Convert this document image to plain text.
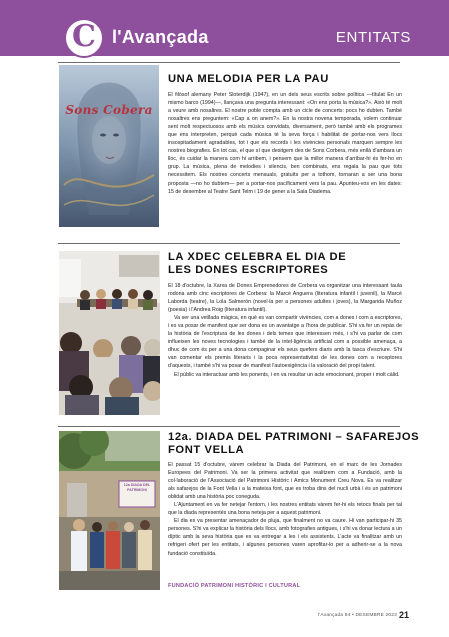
C l'Avançada	ENTITATS
Sons Cobera
UNA MELODIA PER LA PAU

El filòsof alemany Peter Sloterdijk (1947), en un dels seus escrits sobre política —títulat En un mismo barco (1994)—, llançava una pregunta interessant: «On ens porta la música?». Això té molt a veure amb nosaltres. El nostre poble compta amb un cicle de concerts: pocs ho dubten. També nosaltres ens preguntem: «Cap a on anem?». En la nostra novena temporada, volem continuar sent molt respectuosos amb els músics convidats, diversament, però també amb els programes que ens interpreten, perquè cada música té la seva força i habilitat de portar-nos vers llocs insospitadament agradables, tot i que els records i les vivències personals marquen sempre les nostres biografies. En tot cas, el que sí que desitgem des de Sons Corbera, més enllà d'ambara un lloc, és cuidar la manera com hi arribem, i pensem que la millor manera d'arribar-hi és fer-ho en grup. La música, plena de melodies i silencis, ben combinats, ens regala la pau que tots necessitem. Els nostres concerts mensuals, gratuïts per a tothom, tornaran a ser una bona proposta —no ho dubtem— per a portar-nos pacíficament vers la pau. Apunteu-vos en les dates: 15 de desembre al Teatre Sant Telm i 19 de gener a la Sala Diadema.

LA XDEC CELEBRA EL DIA DE
LES DONES ESCRIPTORES

El 18 d'octubre, la Xarxa de Dones Emprenedores de Corbera va organitzar una interessant taula rodona amb cinc escriptores de Corbera: la Marcè Anguera (literatura infantil i juvenil), la Marcè Laborda (teatre), la Lola Salmerón (novel·la per a persones adultes i joves), la Margarida Muñoz (poesia) i l'Andrea Roig (literatura infantil).

Va ser una vetllada màgica, en què es van compartir vivències, com a dones i com a escriptores, i es va posar de manifest que ser dona es un avantatge a l'hora de publicar. S'hi va fer un repàs de la història de l'escriptura de les dones i dels temes que interessen més, i s'hi va parlar de com influeixen les noves tecnologies i també de la intel·ligència artificial com a possible amenaça, a dhuc de com és per a una dona compaginar els seus quefers diaris amb la tasca d'escriure. S'hi van comentar els premis literaris i la poca representativitat de les dones com a receptores d'aquests, i també s'hi va posar de manifest l'autoexigència i la valoració del propi talent.

El públic va interactuar amb les ponents, i en va resultar un acte emocionant, proper i molt càlid.

12a DIADA DEL PATRIMONI
12a. DIADA DEL PATRIMONI – SAFAREJOS
FONT VELLA

El passat 15 d'octubre, vàrem celebrar la Diada del Patrimoni, en el marc de les Jornades Europees del Patrimoni. Va ser la primera activitat que realitzem com a Fundació, amb la col·laboració de l'Associació del Patrimoni Històric i Amics Monument Creu Nova. Es va realitzar als safarejos de la Font Vella i a la mateixa font, que es troba dins del nucli urbà i és un patrimoni oblidat amb una història poc coneguda.

L'Ajuntament en va fer netejar l'entorn, i les nostres entitats vàrem fer-hi els retocs finals per tal que la diada representés una bona neteja per a aquest patrimoni.

El dia es va presentar amenaçador de pluja, que finalment no va caure. Hi van participar-hi 35 persones. S'hi va explicar la història dels llocs, amb fotografies antigues, i s'hi va donar lectura a un díptic amb la seva història que es va entregar a les i els assistents. L'acte va finalitzar amb un refrigeri ofert per les entitats, i algunes persones varen aprofitar-lo per a adherir-se a la nova fundació constituïda.

FUNDACIÓ PATRIMONI HISTÒRIC I CULTURAL
l'Avançada 94 • DESEMBRE 2023 21
